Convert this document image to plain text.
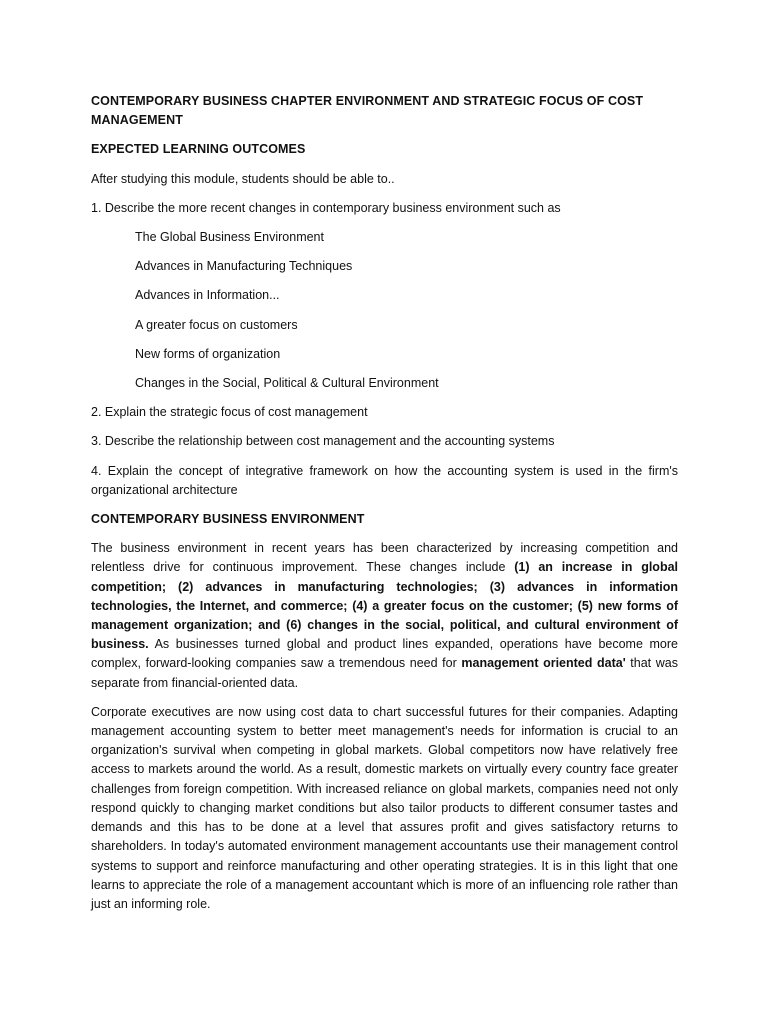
CONTEMPORARY BUSINESS CHAPTER ENVIRONMENT AND STRATEGIC FOCUS OF COST MANAGEMENT
EXPECTED LEARNING OUTCOMES
After studying this module, students should be able to..
1. Describe the more recent changes in contemporary business environment such as
The Global Business Environment
Advances in Manufacturing Techniques
Advances in Information...
A greater focus on customers
New forms of organization
Changes in the Social, Political & Cultural Environment
2. Explain the strategic focus of cost management
3. Describe the relationship between cost management and the accounting systems
4. Explain the concept of integrative framework on how the accounting system is used in the firm's organizational architecture
CONTEMPORARY BUSINESS ENVIRONMENT
The business environment in recent years has been characterized by increasing competition and relentless drive for continuous improvement. These changes include (1) an increase in global competition; (2) advances in manufacturing technologies; (3) advances in information technologies, the Internet, and commerce; (4) a greater focus on the customer; (5) new forms of management organization; and (6) changes in the social, political, and cultural environment of business. As businesses turned global and product lines expanded, operations have become more complex, forward-looking companies saw a tremendous need for management oriented data' that was separate from financial-oriented data.
Corporate executives are now using cost data to chart successful futures for their companies. Adapting management accounting system to better meet management's needs for information is crucial to an organization's survival when competing in global markets. Global competitors now have relatively free access to markets around the world. As a result, domestic markets on virtually every country face greater challenges from foreign competition. With increased reliance on global markets, companies need not only respond quickly to changing market conditions but also tailor products to different consumer tastes and demands and this has to be done at a level that assures profit and gives satisfactory returns to shareholders. In today's automated environment management accountants use their management control systems to support and reinforce manufacturing and other operating strategies. It is in this light that one learns to appreciate the role of a management accountant which is more of an influencing role rather than just an informing role.
